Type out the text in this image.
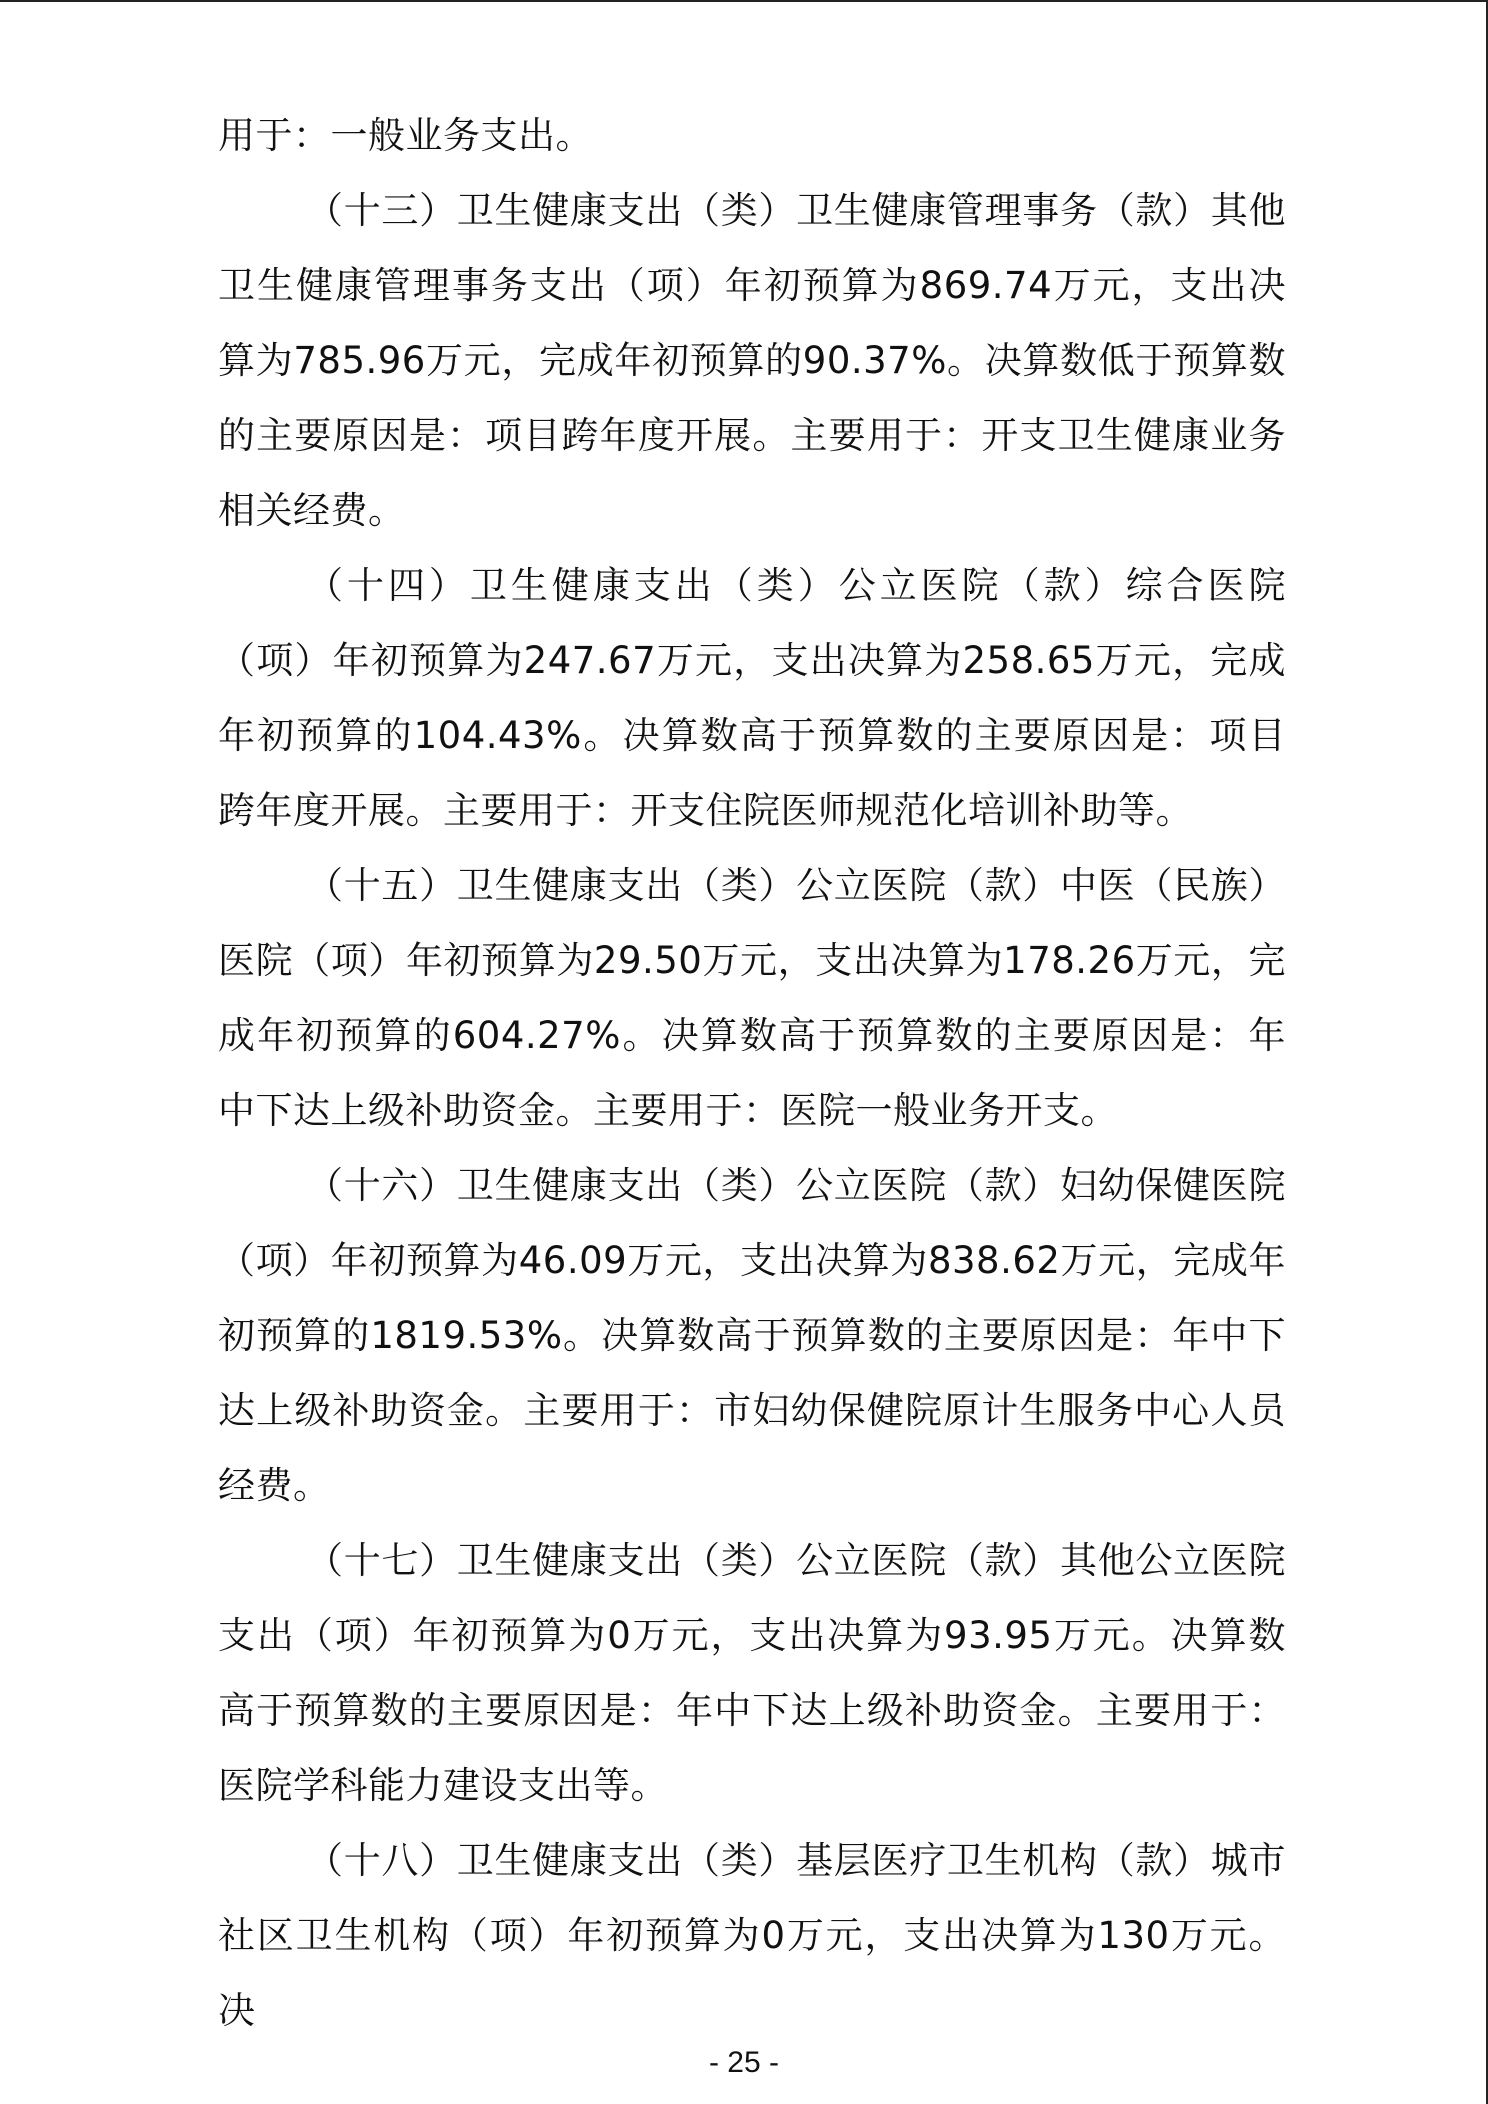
用于：一般业务支出。

（十三）卫生健康支出（类）卫生健康管理事务（款）其他卫生健康管理事务支出（项）年初预算为869.74万元，支出决算为785.96万元，完成年初预算的90.37%。决算数低于预算数的主要原因是：项目跨年度开展。主要用于：开支卫生健康业务相关经费。

（十四）卫生健康支出（类）公立医院（款）综合医院（项）年初预算为247.67万元，支出决算为258.65万元，完成年初预算的104.43%。决算数高于预算数的主要原因是：项目跨年度开展。主要用于：开支住院医师规范化培训补助等。

（十五）卫生健康支出（类）公立医院（款）中医（民族）医院（项）年初预算为29.50万元，支出决算为178.26万元，完成年初预算的604.27%。决算数高于预算数的主要原因是：年中下达上级补助资金。主要用于：医院一般业务开支。

（十六）卫生健康支出（类）公立医院（款）妇幼保健医院（项）年初预算为46.09万元，支出决算为838.62万元，完成年初预算的1819.53%。决算数高于预算数的主要原因是：年中下达上级补助资金。主要用于：市妇幼保健院原计生服务中心人员经费。

（十七）卫生健康支出（类）公立医院（款）其他公立医院支出（项）年初预算为0万元，支出决算为93.95万元。决算数高于预算数的主要原因是：年中下达上级补助资金。主要用于：医院学科能力建设支出等。

（十八）卫生健康支出（类）基层医疗卫生机构（款）城市社区卫生机构（项）年初预算为0万元，支出决算为130万元。决

- 25 -
